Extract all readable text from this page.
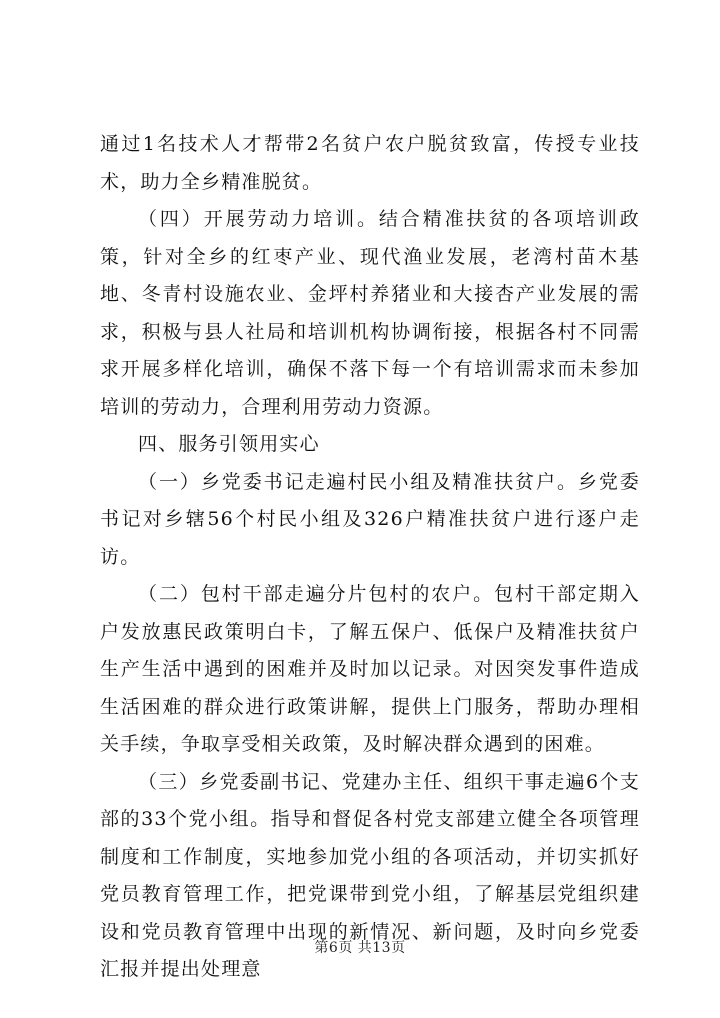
通过1名技术人才帮带2名贫户农户脱贫致富，传授专业技术，助力全乡精准脱贫。

（四）开展劳动力培训。结合精准扶贫的各项培训政策，针对全乡的红枣产业、现代渔业发展，老湾村苗木基地、冬青村设施农业、金坪村养猪业和大接杏产业发展的需求，积极与县人社局和培训机构协调衔接，根据各村不同需求开展多样化培训，确保不落下每一个有培训需求而未参加培训的劳动力，合理利用劳动力资源。

四、服务引领用实心

（一）乡党委书记走遍村民小组及精准扶贫户。乡党委书记对乡辖56个村民小组及326户精准扶贫户进行逐户走访。

（二）包村干部走遍分片包村的农户。包村干部定期入户发放惠民政策明白卡，了解五保户、低保户及精准扶贫户生产生活中遇到的困难并及时加以记录。对因突发事件造成生活困难的群众进行政策讲解，提供上门服务，帮助办理相关手续，争取享受相关政策，及时解决群众遇到的困难。

（三）乡党委副书记、党建办主任、组织干事走遍6个支部的33个党小组。指导和督促各村党支部建立健全各项管理制度和工作制度，实地参加党小组的各项活动，并切实抓好党员教育管理工作，把党课带到党小组，了解基层党组织建设和党员教育管理中出现的新情况、新问题，及时向乡党委汇报并提出处理意

第6页 共13页
